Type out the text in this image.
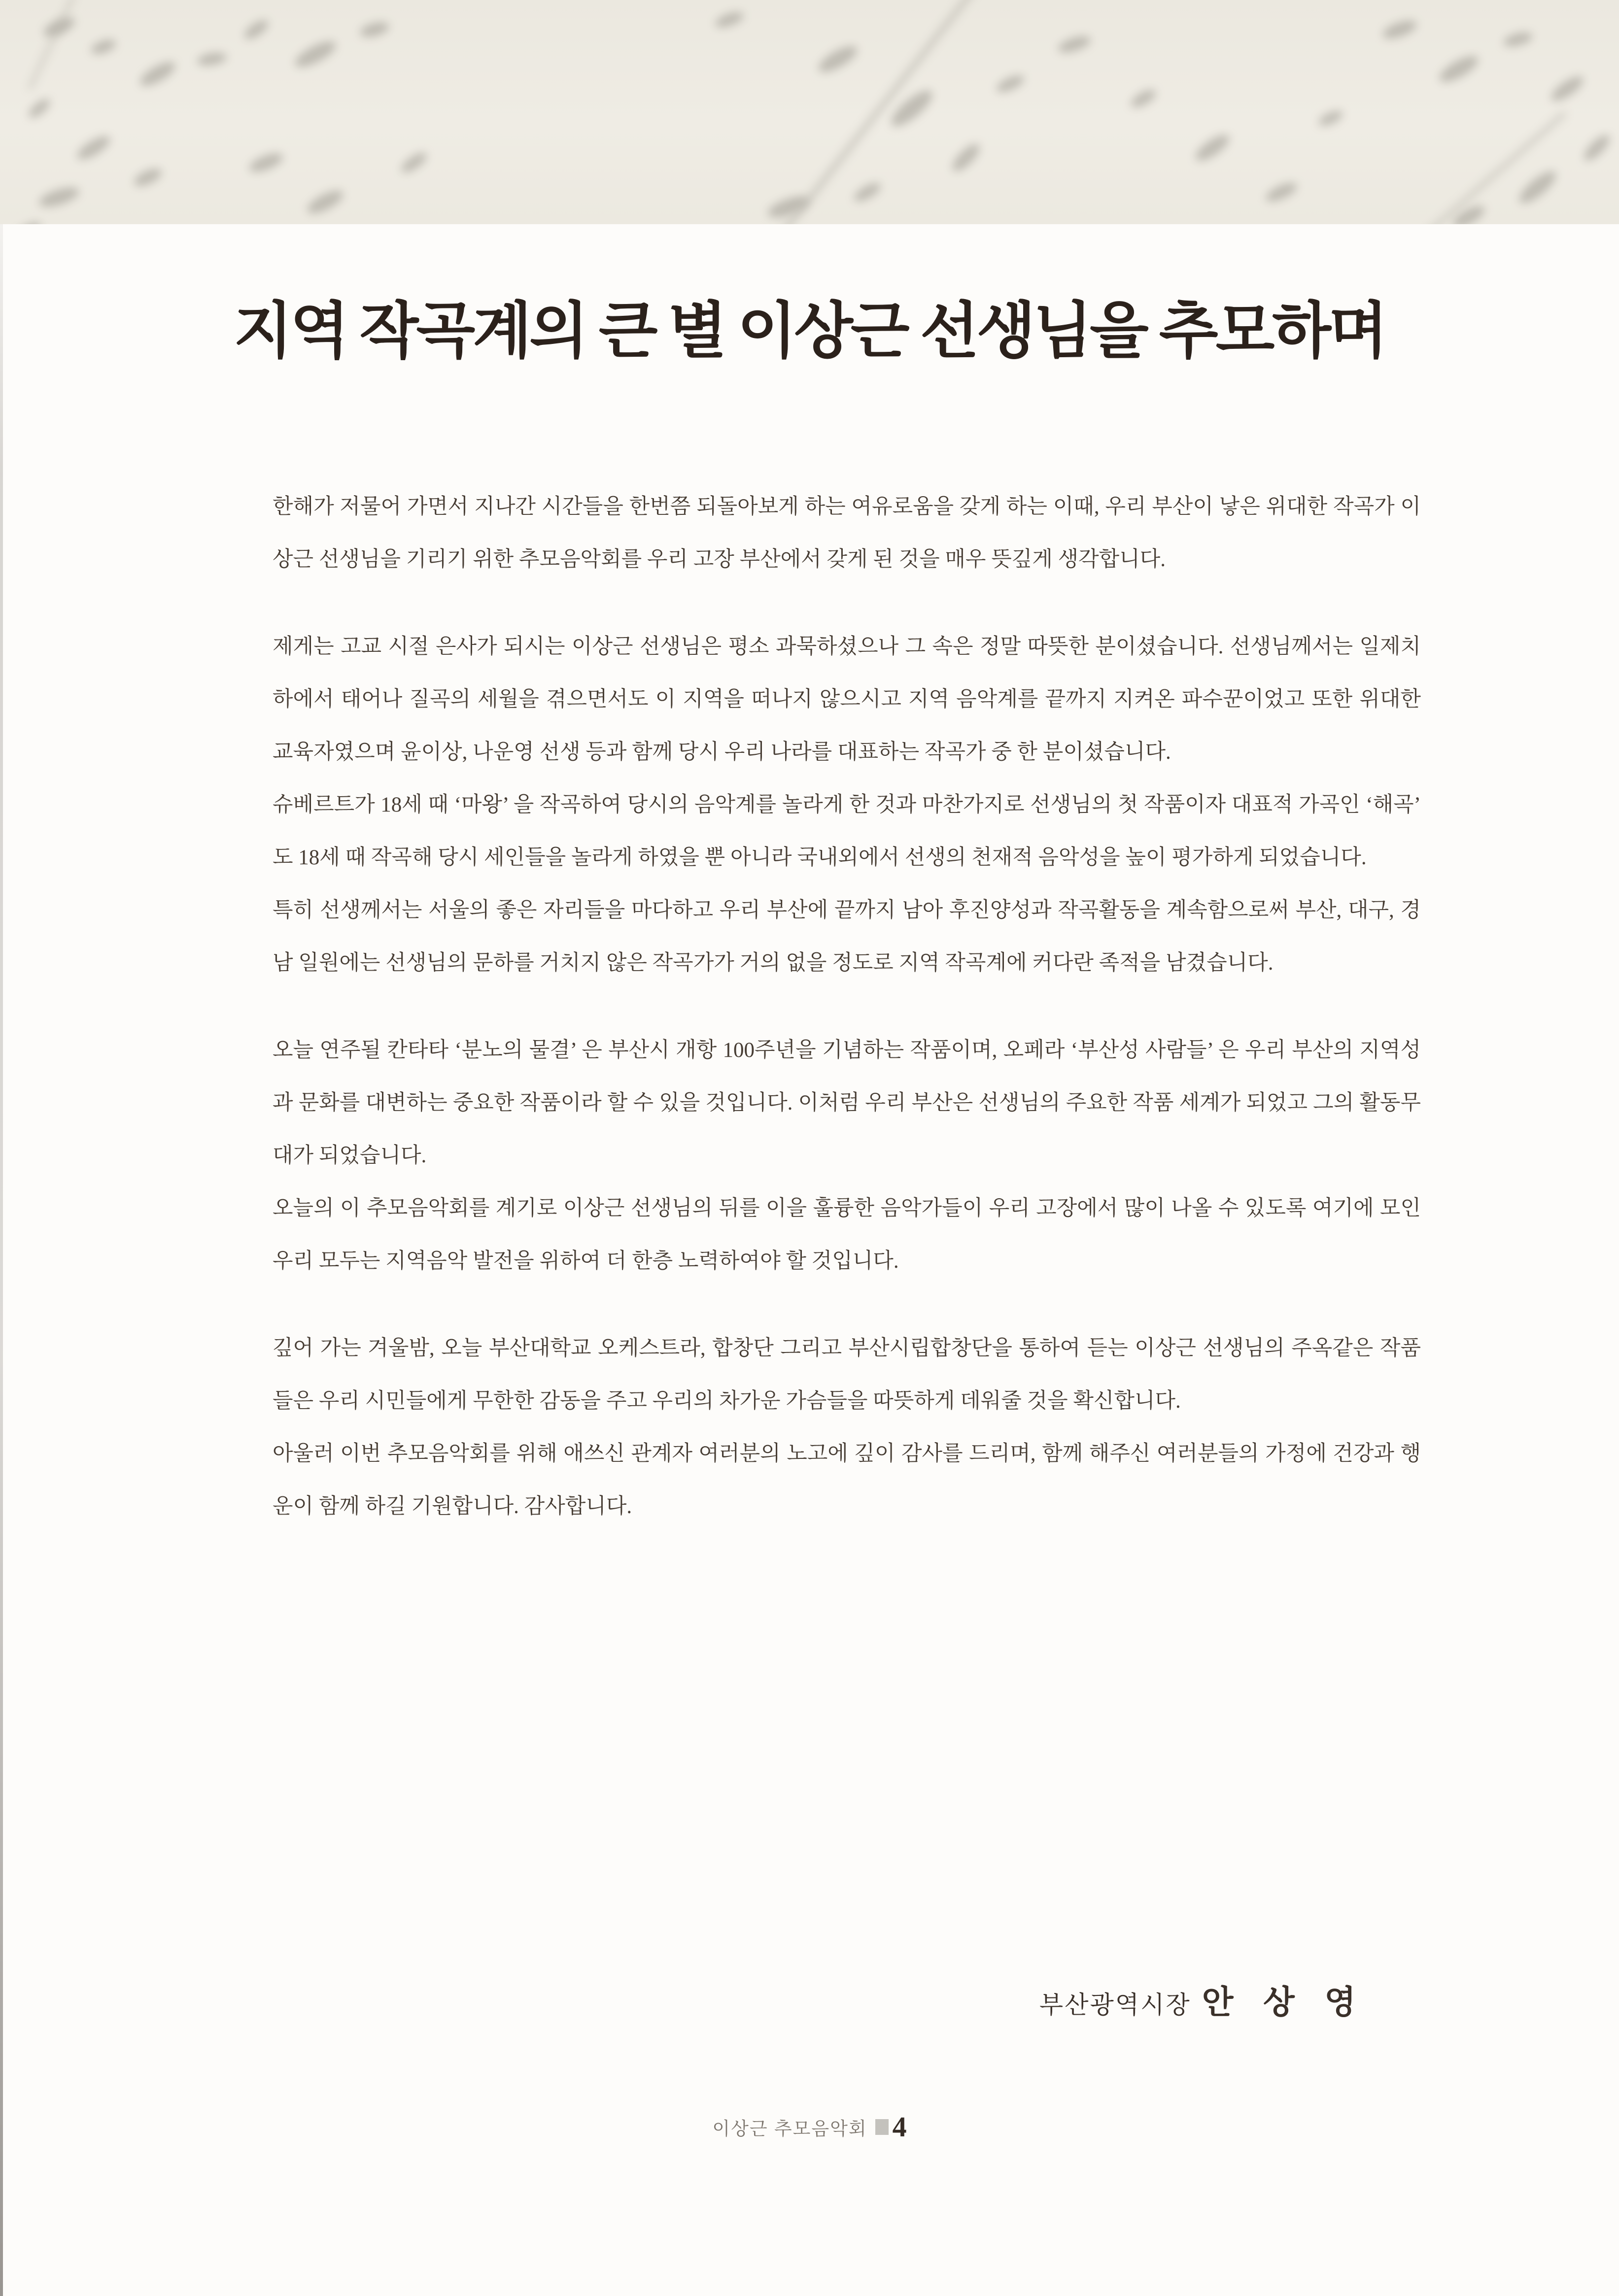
지역 작곡계의 큰 별 이상근 선생님을 추모하며

한해가 저물어 가면서 지나간 시간들을 한번쯤 되돌아보게 하는 여유로움을 갖게 하는 이때, 우리 부산이 낳은 위대한 작곡가 이상근 선생님을 기리기 위한 추모음악회를 우리 고장 부산에서 갖게 된 것을 매우 뜻깊게 생각합니다.

제게는 고교 시절 은사가 되시는 이상근 선생님은 평소 과묵하셨으나 그 속은 정말 따뜻한 분이셨습니다. 선생님께서는 일제치하에서 태어나 질곡의 세월을 겪으면서도 이 지역을 떠나지 않으시고 지역 음악계를 끝까지 지켜온 파수꾼이었고 또한 위대한 교육자였으며 윤이상, 나운영 선생 등과 함께 당시 우리 나라를 대표하는 작곡가 중 한 분이셨습니다.

슈베르트가 18세 때 ‘마왕’ 을 작곡하여 당시의 음악계를 놀라게 한 것과 마찬가지로 선생님의 첫 작품이자 대표적 가곡인 ‘해곡’ 도 18세 때 작곡해 당시 세인들을 놀라게 하였을 뿐 아니라 국내외에서 선생의 천재적 음악성을 높이 평가하게 되었습니다.

특히 선생께서는 서울의 좋은 자리들을 마다하고 우리 부산에 끝까지 남아 후진양성과 작곡활동을 계속함으로써 부산, 대구, 경남 일원에는 선생님의 문하를 거치지 않은 작곡가가 거의 없을 정도로 지역 작곡계에 커다란 족적을 남겼습니다.

오늘 연주될 칸타타 ‘분노의 물결’ 은 부산시 개항 100주년을 기념하는 작품이며, 오페라 ‘부산성 사람들’ 은 우리 부산의 지역성과 문화를 대변하는 중요한 작품이라 할 수 있을 것입니다. 이처럼 우리 부산은 선생님의 주요한 작품 세계가 되었고 그의 활동무대가 되었습니다.

오늘의 이 추모음악회를 계기로 이상근 선생님의 뒤를 이을 훌륭한 음악가들이 우리 고장에서 많이 나올 수 있도록 여기에 모인 우리 모두는 지역음악 발전을 위하여 더 한층 노력하여야 할 것입니다.

깊어 가는 겨울밤, 오늘 부산대학교 오케스트라, 합창단 그리고 부산시립합창단을 통하여 듣는 이상근 선생님의 주옥같은 작품들은 우리 시민들에게 무한한 감동을 주고 우리의 차가운 가슴들을 따뜻하게 데워줄 것을 확신합니다.

아울러 이번 추모음악회를 위해 애쓰신 관계자 여러분의 노고에 깊이 감사를 드리며, 함께 해주신 여러분들의 가정에 건강과 행운이 함께 하길 기원합니다. 감사합니다.

부산광역시장 안 상 영
이상근 추모음악회 4
